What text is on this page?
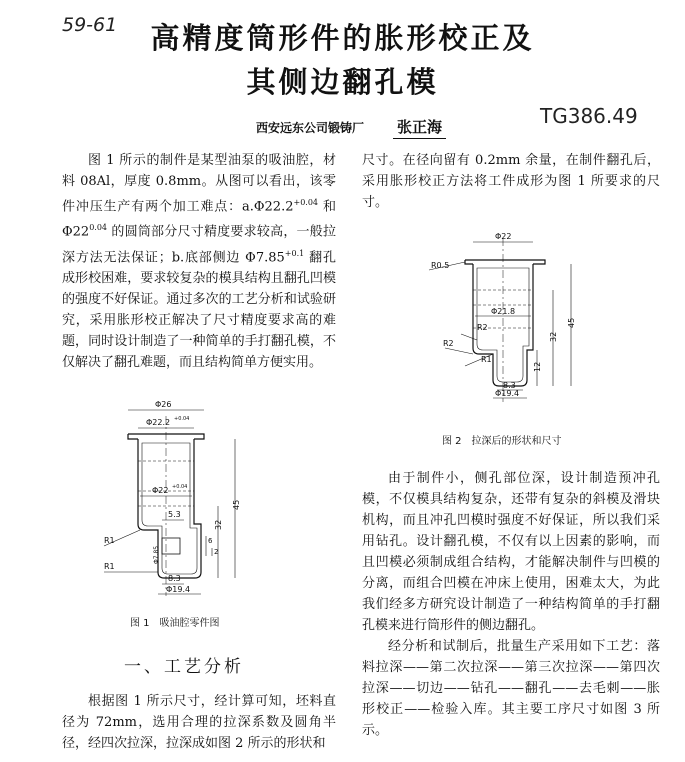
59-61	高精度筒形件的胀形校正及
其侧边翻孔模
西安远东公司锻铸厂 张正海	TG386.49

图 1 所示的制件是某型油泵的吸油腔，材料 08Al，厚度 0.8mm。从图可以看出，该零件冲压生产有两个加工难点：$a.\Phi 22.2^{+0.04}$ 和 $\Phi 22^{0.04}$ 的圆筒部分尺寸精度要求较高，一般拉深方法无法保证；b.底部侧边 $\Phi 7.85^{+0.1}$ 翻孔成形校困难，要求较复杂的模具结构且翻孔凹模的强度不好保证。通过多次的工艺分析和试验研究，采用胀形校正解决了尺寸精度要求高的难题，同时设计制造了一种简单的手打翻孔模，不仅解决了翻孔难题，而且结构简单方便实用。

Φ26
Φ22.2 +0.04
Φ22 +0.04
5.3
32
45
6
2
Φ7.85
8.3
Φ19.4
R1
R1
图 1　吸油腔零件图
一、工艺分析

根据图 1 所示尺寸，经计算可知，坯料直径为 72mm，选用合理的拉深系数及圆角半径，经四次拉深，拉深成如图 2 所示的形状和

尺寸。在径向留有 0.2mm 余量，在制件翻孔后，采用胀形校正方法将工件成形为图 1 所要求的尺寸。

Φ22
R0.5
Φ21.8
R2
R2
R1
32
45
12
8.3
Φ19.4
图 2　拉深后的形状和尺寸

由于制件小，侧孔部位深，设计制造预冲孔模，不仅模具结构复杂，还带有复杂的斜模及滑块机构，而且冲孔凹模时强度不好保证，所以我们采用钻孔。设计翻孔模，不仅有以上因素的影响，而且凹模必须制成组合结构，才能解决制件与凹模的分离，而组合凹模在冲床上使用，困难太大，为此我们经多方研究设计制造了一种结构简单的手打翻孔模来进行筒形件的侧边翻孔。

经分析和试制后，批量生产采用如下工艺：落料拉深——第二次拉深——第三次拉深——第四次拉深——切边——钻孔——翻孔——去毛刺——胀形校正——检验入库。其主要工序尺寸如图 3 所示。
